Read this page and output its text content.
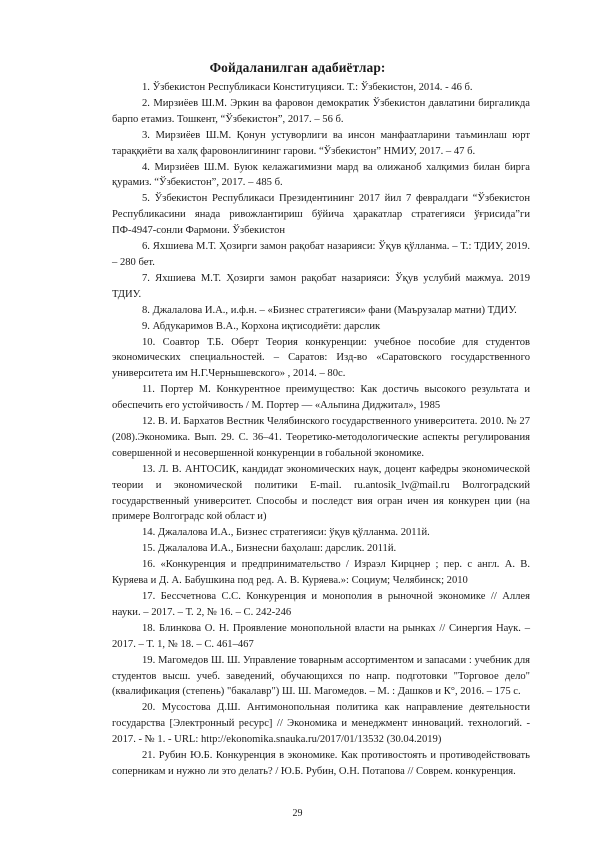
Фойдаланилган адабиётлар:

1. Ўзбекистон Республикаси Конституцияси. Т.: Ўзбекистон, 2014. - 46 б.

2. Мирзиёев Ш.М. Эркин ва фаровон демократик Ўзбекистон давлатини биргаликда барпо етамиз. Тошкент, “Ўзбекистон”, 2017. – 56 б.

3. Мирзиёев Ш.М. Қонун устуворлиги ва инсон манфаатларини таъминлаш юрт тараққиёти ва халқ фаровонлигининг гарови. “Ўзбекистон” НМИУ, 2017. – 47 б.

4. Мирзиёев Ш.М. Буюк келажагимизни мард ва олижаноб халқимиз билан бирга қурамиз. “Ўзбекистон”, 2017. – 485 б.

5. Ўзбекистон Республикаси Президентининг 2017 йил 7 февралдаги “Ўзбекистон Республикасини янада ривожлантириш бўйича ҳаракатлар стратегияси ўғрисида”ги ПФ-4947-сонли Фармони. Ўзбекистон

6. Яхшиева М.Т. Ҳозирги замон рақобат назарияси: Ўқув қўлланма. – Т.: ТДИУ, 2019. – 280 бет.

7. Яхшиева М.Т. Ҳозирги замон рақобат назарияси: Ўқув услубий мажмуа. 2019 ТДИУ.

8. Джалалова И.А., и.ф.н. – «Бизнес стратегияси» фани (Маърузалар матни) ТДИУ.

9. Абдукаримов В.А., Корхона иқтисодиёти: дарслик

10. Соавтор Т.Б. Оберт Теория конкуренции: учебное пособие для студентов экономических специальностей. – Саратов: Изд-во «Саратовского государственного университета им Н.Г.Чернышевского» , 2014. – 80с.

11. Портер М. Конкурентное преимущество: Как достичь высокого результата и обеспечить его устойчивость / М. Портер — «Альпина Диджитал», 1985

12. В. И. Бархатов Вестник Челябинского государственного университета. 2010. № 27 (208).Экономика. Вып. 29. С. 36–41. Теоретико-методологические аспекты регулирования совершенной и несовершенной конкуренции в гобальной экономике.

13. Л. В. АНТОСИК, кандидат экономических наук, доцент кафедры экономической теории и экономической политики E-mail. ru.antosik_lv@mail.ru Волгоградский государственный университет. Способы и последст вия огран ичен ия конкурен ции (на примере Волгоградс кой област и)

14. Джалалова И.А., Бизнес стратегияси: ўқув қўлланма. 2011й.

15. Джалалова И.А., Бизнесни баҳолаш: дарслик. 2011й.

16. «Конкуренция и предпринимательство / Израэл Кирцнер ; пер. с англ. А. В. Куряева и Д. А. Бабушкина под ред. А. В. Куряева.»: Социум; Челябинск; 2010

17. Бессчетнова С.С. Конкуренция и монополия в рыночной экономике // Аллея науки. – 2017. – Т. 2, № 16. – С. 242-246

18. Блинкова О. Н. Проявление монопольной власти на рынках // Синергия Наук. – 2017. – Т. 1, № 18. – С. 461–467

19. Магомедов Ш. Ш. Управление товарным ассортиментом и запасами : учебник для студентов высш. учеб. заведений, обучающихся по напр. подготовки "Торговое дело" (квалификация (степень) "бакалавр") Ш. Ш. Магомедов. – М. : Дашков и К°, 2016. – 175 с.

20. Мусостова Д.Ш. Антимонопольная политика как направление деятельности государства [Электронный ресурс] // Экономика и менеджмент инноваций. технологий. - 2017. - № 1. - URL: http://ekonomika.snauka.ru/2017/01/13532 (30.04.2019)

21. Рубин Ю.Б. Конкуренция в экономике. Как противостоять и противодействовать соперникам и нужно ли это делать? / Ю.Б. Рубин, О.Н. Потапова // Соврем. конкуренция.

29
